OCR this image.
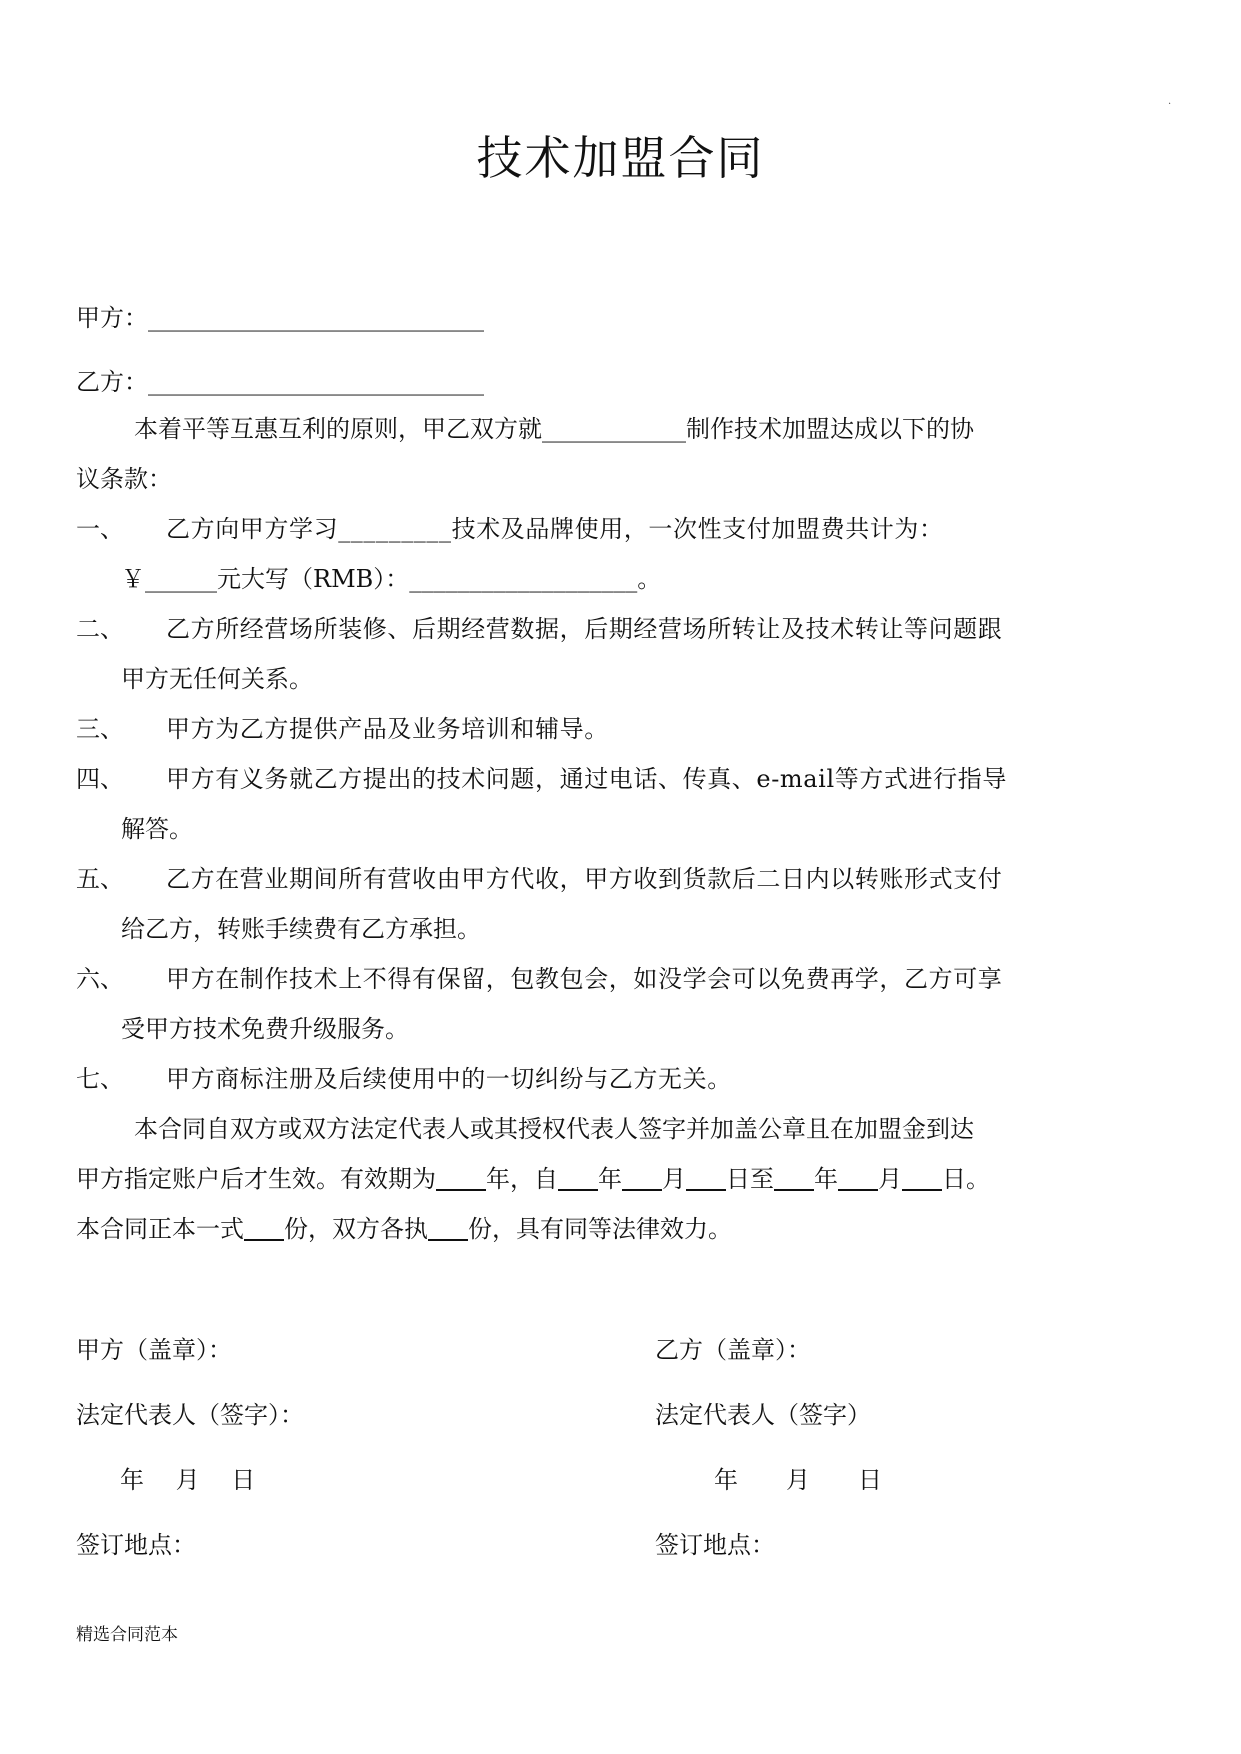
.
技术加盟合同
甲方：____________________________
乙方：____________________________
本着平等互惠互利的原则，甲乙双方就____________制作技术加盟达成以下的协
议条款：
一、	乙方向甲方学习_________技术及品牌使用，一次性支付加盟费共计为：
￥______元大写（RMB）：___________________。
二、	乙方所经营场所装修、后期经营数据，后期经营场所转让及技术转让等问题跟
甲方无任何关系。
三、	甲方为乙方提供产品及业务培训和辅导。
四、	甲方有义务就乙方提出的技术问题，通过电话、传真、e-mail等方式进行指导
解答。
五、	乙方在营业期间所有营收由甲方代收，甲方收到货款后二日内以转账形式支付
给乙方，转账手续费有乙方承担。
六、	甲方在制作技术上不得有保留，包教包会，如没学会可以免费再学，乙方可享
受甲方技术免费升级服务。
七、	甲方商标注册及后续使用中的一切纠纷与乙方无关。
本合同自双方或双方法定代表人或其授权代表人签字并加盖公章且在加盟金到达
甲方指定账户后才生效。有效期为 年，自 年 月 日至 年 月 日。
本合同正本一式 份，双方各执 份，具有同等法律效力。
甲方（盖章）：	乙方（盖章）：
法定代表人（签字）：	法定代表人（签字）
年　 月　 日	年　　月　　日
签订地点：	签订地点：
精选合同范本
